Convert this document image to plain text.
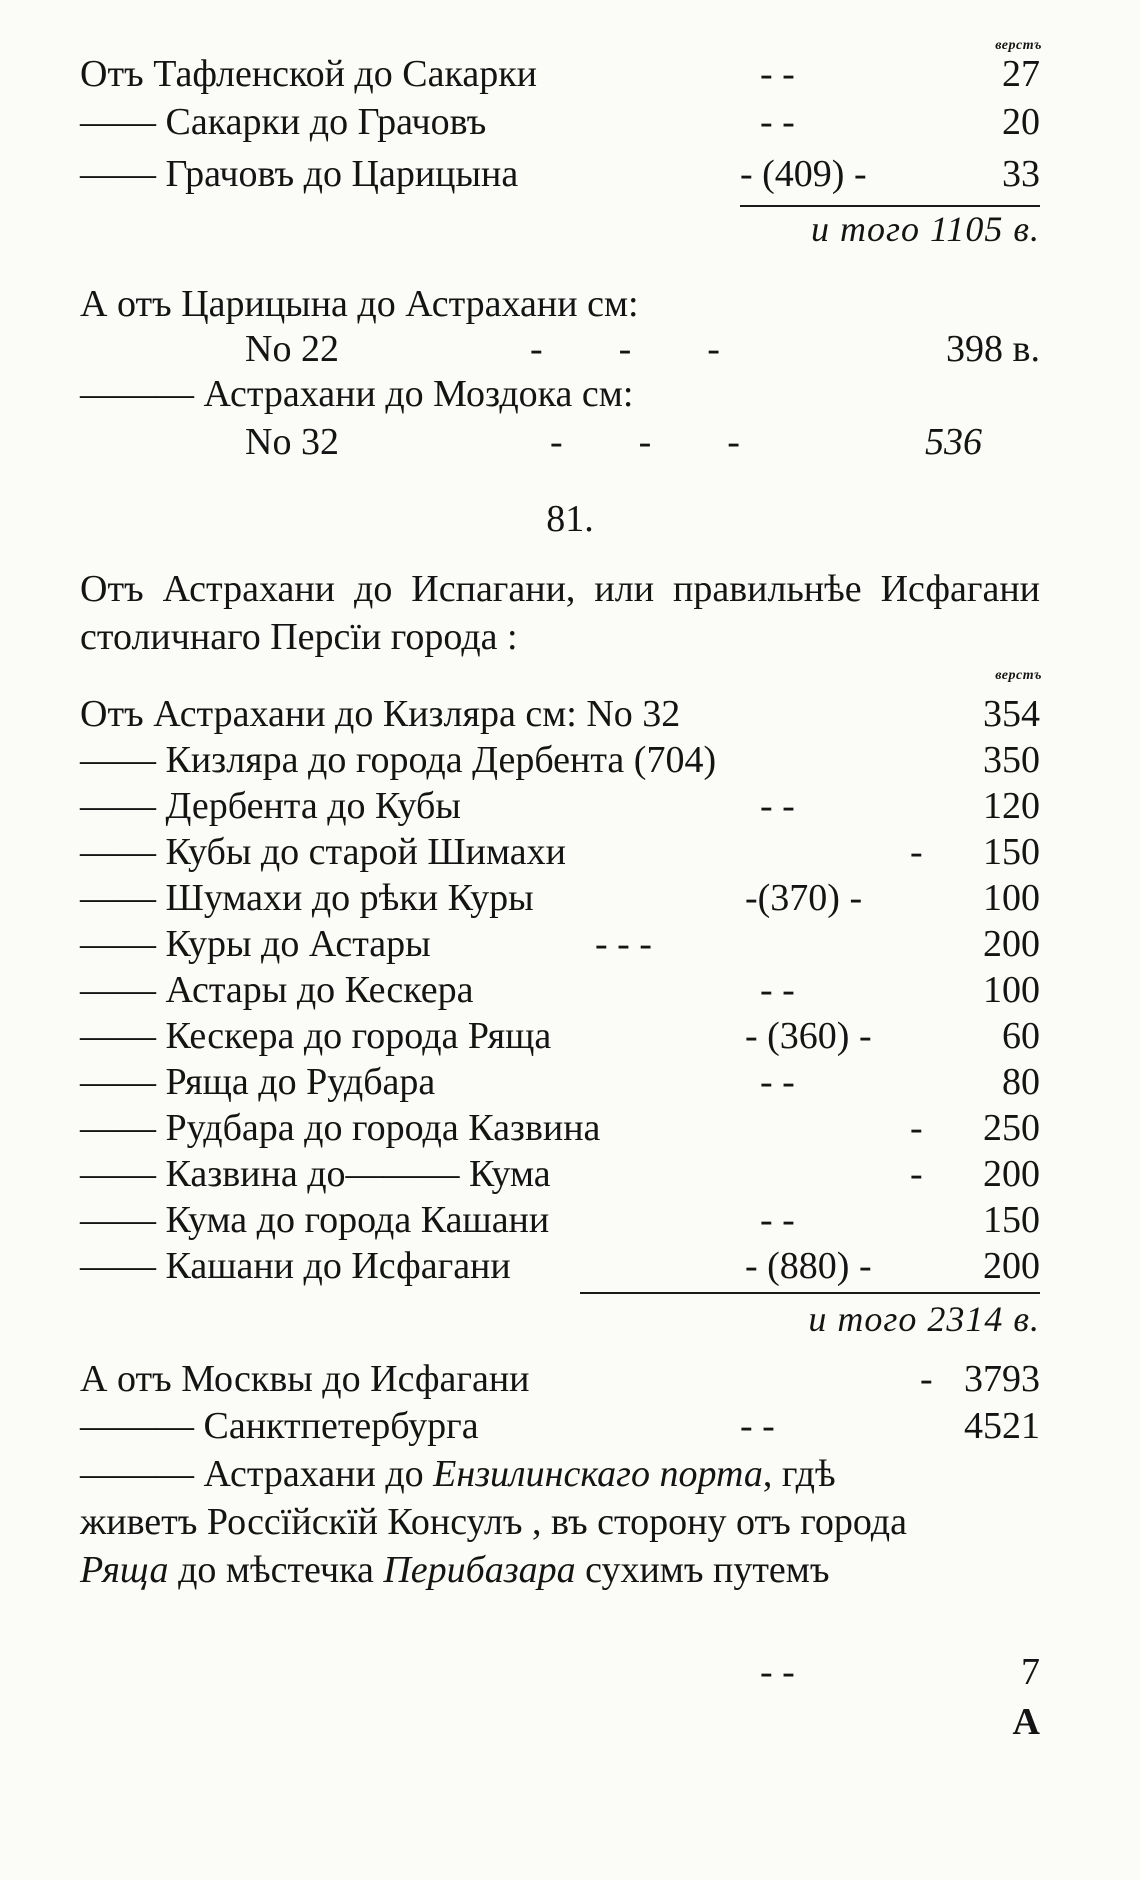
верстъ
Отъ Тафленской до Сакарки	- -	27
—— Сакарки до Грачовъ	- -	20
—— Грачовъ до Царицына	- (409) -	33
и того 1105 в.
А отъ Царицына до Астрахани см:
No 22	-        -        -	398 в.
——— Астрахани до Моздока см:
No 32	-        -        -	536
81.
Отъ Астрахани до Испагани, или правильнѣе Исфагани столичнаго Персїи города :
верстъ
Отъ Астрахани до Кизляра см: No 32	354
—— Кизляра до города Дербента (704)	350
—— Дербента до Кубы	- -	120
—— Кубы до старой Шимахи	- 150
—— Шумахи до рѣки Куры	-(370) -	100
—— Куры до Астары	- - -	200
—— Астары до Кескера	- -	100
—— Кескера до города Ряща	- (360) -	60
—— Ряща до Рудбара	- -	80
—— Рудбара до города Казвина	- 250
—— Казвина до——— Кума	- 200
—— Кума до города Кашани	- -	150
—— Кашани до Исфагани	- (880) -	200
и того 2314 в.
А отъ Москвы до Исфагани	- 3793
——— Санктпетербурга	- -	4521
——— Астрахани до Ензилинскаго порта, гдѣ живетъ Россїйскїй Консулъ , въ сторону отъ города Ряща до мѣстечка Перибазара сухимъ путемъ
- -	7
А
